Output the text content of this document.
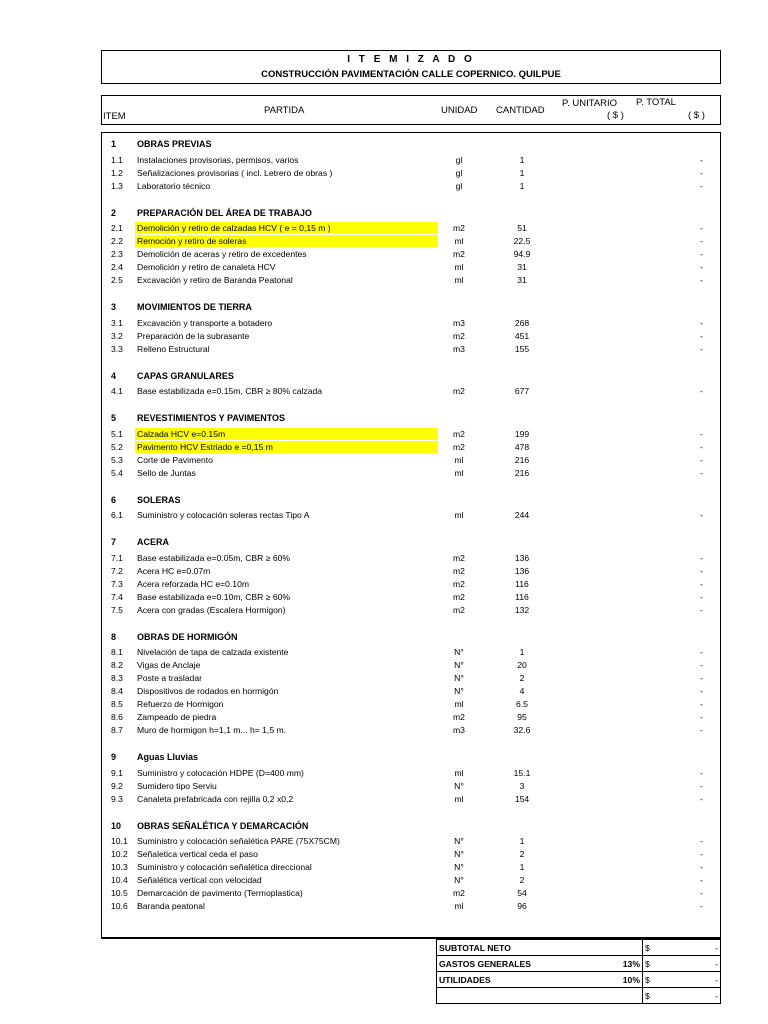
I T E M I Z A D O
CONSTRUCCIÓN PAVIMENTACIÓN CALLE COPERNICO. QUILPUE
ITEM
PARTIDA	UNIDAD CANTIDAD
P. UNITARIO
( $ )
P. TOTAL
( $ )
1 OBRAS PREVIAS
1.1 Instalaciones provisorias, permisos, varios	gl	1	-
1.2 Señalizaciones provisorias ( incl. Letrero de obras )	gl	1	-
1.3 Laboratorio técnico	gl	1	-
2 PREPARACIÓN DEL ÁREA DE TRABAJO
2.1 Demolición y retiro de calzadas HCV ( e = 0,15 m )	m2	51	-
2.2 Remoción y retiro de soleras	ml	22.5	-
2.3 Demolición de aceras y retiro de excedentes	m2	94.9	-
2.4 Demolición y retiro de canaleta HCV	ml	31	-
2.5 Excavación y retiro de Baranda Peatonal	ml	31	-
3 MOVIMIENTOS DE TIERRA
3.1 Excavación y transporte a botadero	m3	268	-
3.2 Preparación de la subrasante	m2	451	-
3.3 Relleno Estructural	m3	155	-
4 CAPAS GRANULARES
4.1 Base estabilizada e=0.15m, CBR ≥ 80% calzada	m2	677	-
5 REVESTIMIENTOS Y PAVIMENTOS
5.1 Calzada HCV e=0.15m	m2	199	-
5.2 Pavimento HCV Estriado e =0,15 m	m2	478	-
5.3 Corte de Pavimento	ml	216	-
5.4 Sello de Juntas	ml	216	-
6 SOLERAS
6.1 Suministro y colocación soleras rectas Tipo A	ml	244	-
7 ACERA
7.1 Base estabilizada e=0.05m, CBR ≥ 60%	m2	136	-
7.2 Acera HC e=0.07m	m2	136	-
7.3 Acera reforzada HC e=0.10m	m2	116	-
7.4 Base estabilizada e=0.10m, CBR ≥ 60%	m2	116	-
7.5 Acera con gradas (Escalera Hormigon)	m2	132	-
8 OBRAS DE HORMIGÓN
8.1 Nivelación de tapa de calzada existente	N°	1	-
8.2 Vigas de Anclaje	N°	20	-
8.3 Poste a trasladar	N°	2	-
8.4 Dispositivos de rodados en hormigón	N°	4	-
8.5 Refuerzo de Hormigon	ml	6.5	-
8.6 Zampeado de piedra	m2	95	-
8.7 Muro de hormigon h=1,1 m... h= 1,5 m.	m3	32.6	-
9 Aguas Lluvias
9.1 Suministro y colocación HDPE (D=400 mm)	ml	15.1	-
9.2 Sumidero tipo Serviu	N°	3	-
9.3 Canaleta prefabricada con rejilla 0,2 x0,2	ml	154	-
10 OBRAS SEÑALÉTICA Y DEMARCACIÓN
10.1 Suministro y colocación señalética PARE (75X75CM)	N°	1	-
10.2 Señaletica vertical ceda el paso	N°	2	-
10.3 Suministro y colocación señalética direccional	N°	1	-
10.4 Señalética vertical con velocidad	N°	2	-
10.5 Demarcación de pavimento (Termoplastica)	m2	54	-
10.6 Baranda peatonal	ml	96	-
SUBTOTAL NETO	$ -

GASTOS GENERALES 13%	$ -

UTILIDADES 10%	$ -

	$ -
